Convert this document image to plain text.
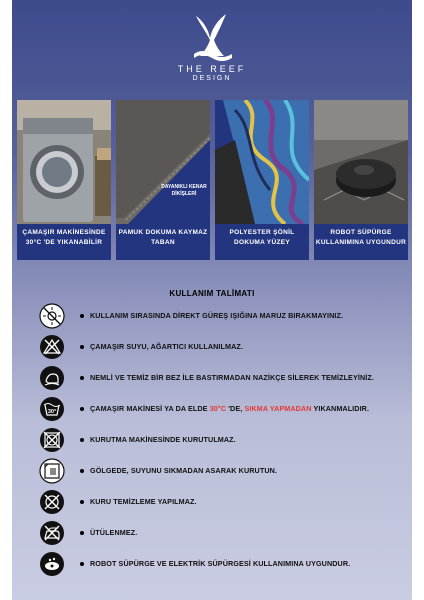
THE REEF
DESIGN
ÇAMAŞIR MAKİNESİNDE 30°C 'DE YIKANABİLİR
DAYANIKLI KENAR DİKİŞLERİ
PAMUK DOKUMA KAYMAZ TABAN
POLYESTER ŞÖNİL DOKUMA YÜZEY
ROBOT SÜPÜRGE KULLANIMINA UYGUNDUR
KULLANIM TALİMATI
KULLANIM SIRASINDA DİREKT GÜREŞ IŞIĞINA MARUZ BIRAKMAYINIZ.
ÇAMAŞIR SUYU, AĞARTICI KULLANILMAZ.
NEMLİ VE TEMİZ BİR BEZ İLE BASTIRMADAN NAZİKÇE SİLEREK TEMİZLEYİNİZ.
30°	ÇAMAŞIR MAKİNESİ YA DA ELDE 30°C 'DE, SIKMA YAPMADAN YIKANMALIDIR.
KURUTMA MAKİNESİNDE KURUTULMAZ.
GÖLGEDE, SUYUNU SIKMADAN ASARAK KURUTUN.
KURU TEMİZLEME YAPILMAZ.
ÜTÜLENMEZ.
ROBOT SÜPÜRGE VE ELEKTRİK SÜPÜRGESİ KULLANIMINA UYGUNDUR.
